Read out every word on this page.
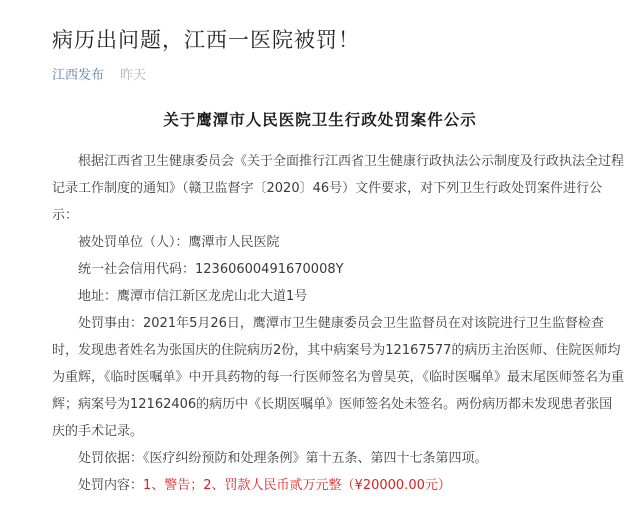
病历出问题，江西一医院被罚！
江西发布 昨天
关于鹰潭市人民医院卫生行政处罚案件公示
根据江西省卫生健康委员会《关于全面推行江西省卫生健康行政执法公示制度及行政执法全过程记录工作制度的通知》（赣卫监督字〔2020〕46号）文件要求，对下列卫生行政处罚案件进行公示：
被处罚单位（人）：鹰潭市人民医院
统一社会信用代码：12360600491670008Y
地址：鹰潭市信江新区龙虎山北大道1号
处罚事由：2021年5月26日，鹰潭市卫生健康委员会卫生监督员在对该院进行卫生监督检查时，发现患者姓名为张国庆的住院病历2份，其中病案号为12167577的病历主治医师、住院医师均为重辉，《临时医嘱单》中开具药物的每一行医师签名为曾昊英，《临时医嘱单》最末尾医师签名为重辉；病案号为12162406的病历中《长期医嘱单》医师签名处未签名。两份病历都未发现患者张国庆的手术记录。
处罚依据：《医疗纠纷预防和处理条例》第十五条、第四十七条第四项。
处罚内容：1、警告；2、罚款人民币贰万元整（¥20000.00元）
